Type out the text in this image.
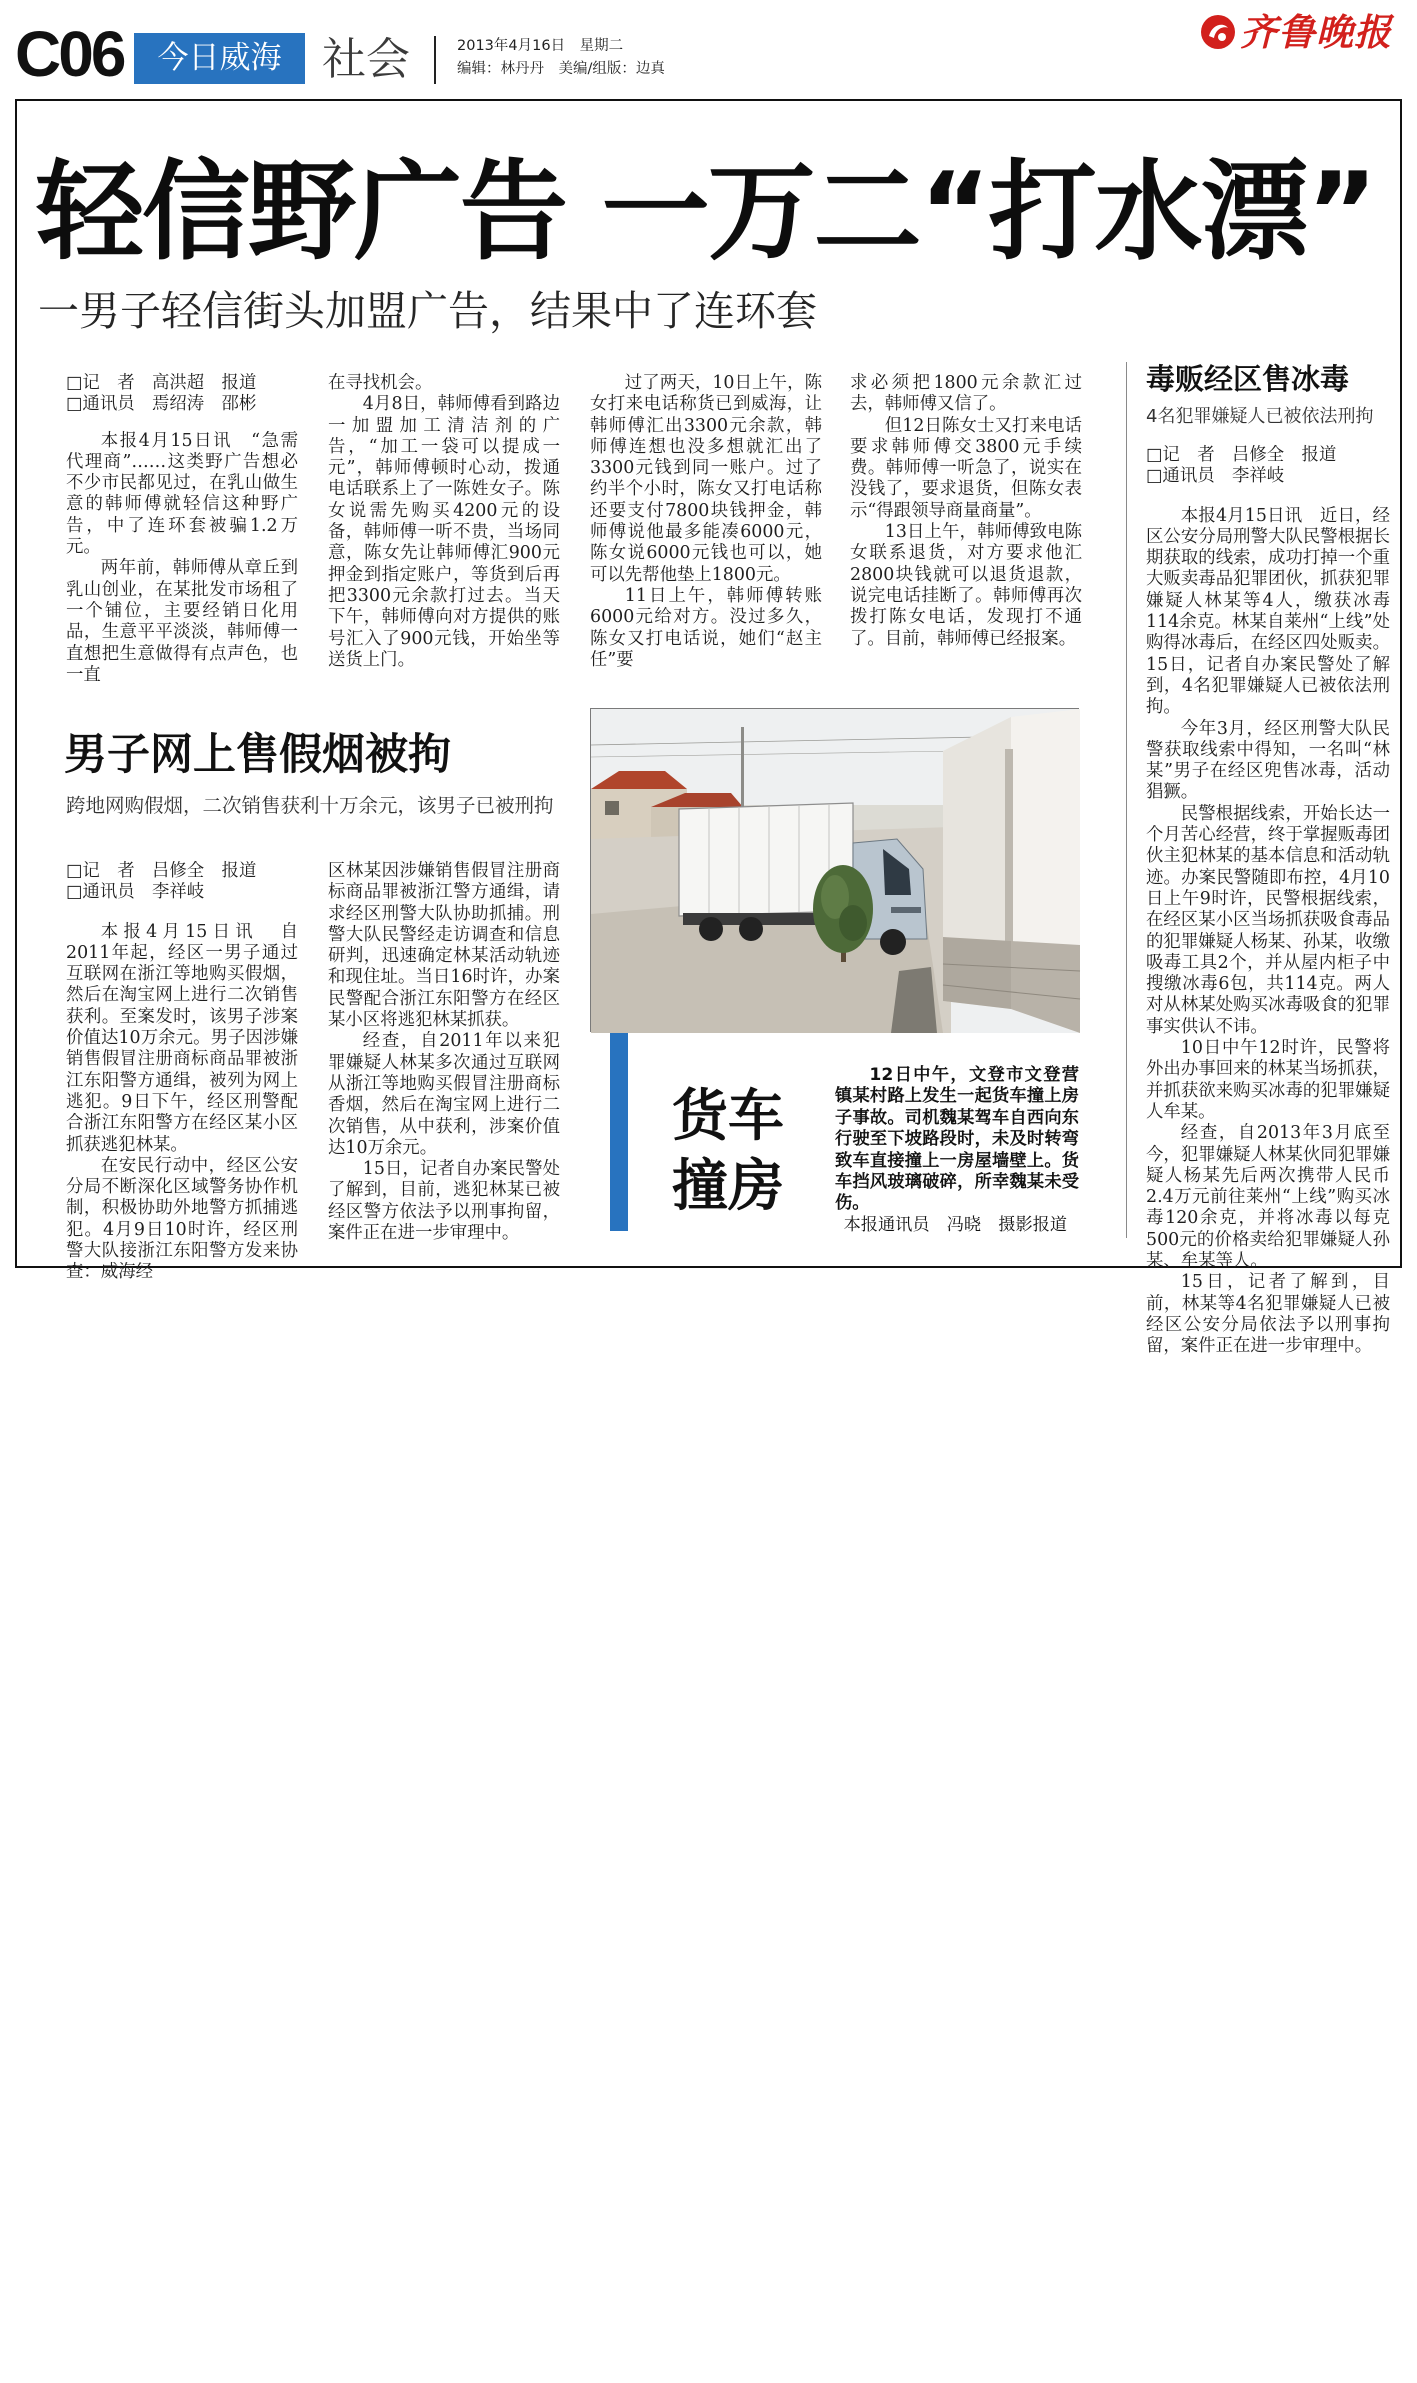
C06	今日威海 社会	2013年4月16日　星期二
编辑：林丹丹　美编/组版：边真
齐鲁晚报
轻信野广告 一万二“打水漂”
一男子轻信街头加盟广告，结果中了连环套
□记　者　高洪超　报道
□通讯员　焉绍涛　邵彬

本报4月15日讯　“急需代理商”……这类野广告想必不少市民都见过，在乳山做生意的韩师傅就轻信这种野广告，中了连环套被骗1.2万元。

两年前，韩师傅从章丘到乳山创业，在某批发市场租了一个铺位，主要经销日化用品，生意平平淡淡，韩师傅一直想把生意做得有点声色，也一直

在寻找机会。

4月8日，韩师傅看到路边一加盟加工清洁剂的广告，“加工一袋可以提成一元”，韩师傅顿时心动，拨通电话联系上了一陈姓女子。陈女说需先购买4200元的设备，韩师傅一听不贵，当场同意，陈女先让韩师傅汇900元押金到指定账户，等货到后再把3300元余款打过去。当天下午，韩师傅向对方提供的账号汇入了900元钱，开始坐等送货上门。

过了两天，10日上午，陈女打来电话称货已到威海，让韩师傅汇出3300元余款，韩师傅连想也没多想就汇出了3300元钱到同一账户。过了约半个小时，陈女又打电话称还要支付7800块钱押金，韩师傅说他最多能凑6000元，陈女说6000元钱也可以，她可以先帮他垫上1800元。

11日上午，韩师傅转账6000元给对方。没过多久，陈女又打电话说，她们“赵主任”要

求必须把1800元余款汇过去，韩师傅又信了。

但12日陈女士又打来电话要求韩师傅交3800元手续费。韩师傅一听急了，说实在没钱了，要求退货，但陈女表示“得跟领导商量商量”。

13日上午，韩师傅致电陈女联系退货，对方要求他汇2800块钱就可以退货退款，说完电话挂断了。韩师傅再次拨打陈女电话，发现打不通了。目前，韩师傅已经报案。

毒贩经区售冰毒
4名犯罪嫌疑人已被依法刑拘
□记　者　吕修全　报道
□通讯员　李祥岐

本报4月15日讯　近日，经区公安分局刑警大队民警根据长期获取的线索，成功打掉一个重大贩卖毒品犯罪团伙，抓获犯罪嫌疑人林某等4人，缴获冰毒114余克。林某自莱州“上线”处购得冰毒后，在经区四处贩卖。15日，记者自办案民警处了解到，4名犯罪嫌疑人已被依法刑拘。

今年3月，经区刑警大队民警获取线索中得知，一名叫“林某”男子在经区兜售冰毒，活动猖獗。

民警根据线索，开始长达一个月苦心经营，终于掌握贩毒团伙主犯林某的基本信息和活动轨迹。办案民警随即布控，4月10日上午9时许，民警根据线索，在经区某小区当场抓获吸食毒品的犯罪嫌疑人杨某、孙某，收缴吸毒工具2个，并从屋内柜子中搜缴冰毒6包，共114克。两人对从林某处购买冰毒吸食的犯罪事实供认不讳。

10日中午12时许，民警将外出办事回来的林某当场抓获，并抓获欲来购买冰毒的犯罪嫌疑人牟某。

经查，自2013年3月底至今，犯罪嫌疑人林某伙同犯罪嫌疑人杨某先后两次携带人民币2.4万元前往莱州“上线”购买冰毒120余克，并将冰毒以每克500元的价格卖给犯罪嫌疑人孙某、牟某等人。

15日，记者了解到，目前，林某等4名犯罪嫌疑人已被经区公安分局依法予以刑事拘留，案件正在进一步审理中。

男子网上售假烟被拘
跨地网购假烟，二次销售获利十万余元，该男子已被刑拘
□记　者　吕修全　报道
□通讯员　李祥岐

本报4月15日讯　自2011年起，经区一男子通过互联网在浙江等地购买假烟，然后在淘宝网上进行二次销售获利。至案发时，该男子涉案价值达10万余元。男子因涉嫌销售假冒注册商标商品罪被浙江东阳警方通缉，被列为网上逃犯。9日下午，经区刑警配合浙江东阳警方在经区某小区抓获逃犯林某。

在安民行动中，经区公安分局不断深化区域警务协作机制，积极协助外地警方抓捕逃犯。4月9日10时许，经区刑警大队接浙江东阳警方发来协查：威海经

区林某因涉嫌销售假冒注册商标商品罪被浙江警方通缉，请求经区刑警大队协助抓捕。刑警大队民警经走访调查和信息研判，迅速确定林某活动轨迹和现住址。当日16时许，办案民警配合浙江东阳警方在经区某小区将逃犯林某抓获。

经查，自2011年以来犯罪嫌疑人林某多次通过互联网从浙江等地购买假冒注册商标香烟，然后在淘宝网上进行二次销售，从中获利，涉案价值达10万余元。

15日，记者自办案民警处了解到，目前，逃犯林某已被经区警方依法予以刑事拘留，案件正在进一步审理中。

货车
撞房
12日中午，文登市文登营镇某村路上发生一起货车撞上房子事故。司机魏某驾车自西向东行驶至下坡路段时，未及时转弯致车直接撞上一房屋墙壁上。货车挡风玻璃破碎，所幸魏某未受伤。
本报通讯员　冯晓　摄影报道
